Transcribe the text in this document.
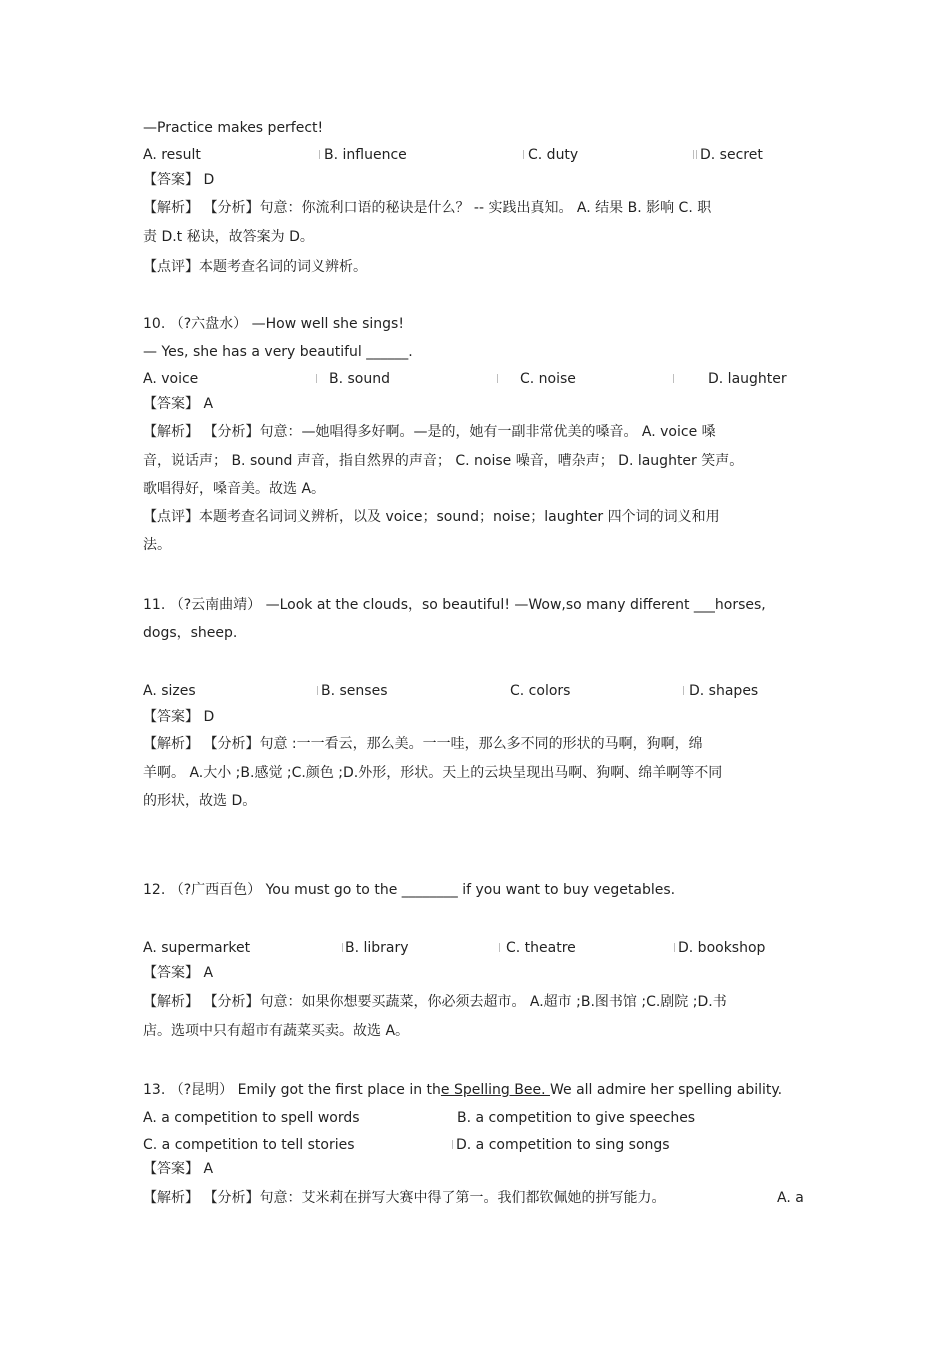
—Practice makes perfect!
A. result	| B. influence	| C. duty	|| D. secret
【答案】 D
【解析】 【分析】句意：你流利口语的秘诀是什么？ -- 实践出真知。 A. 结果 B. 影响 C. 职
责 D.t 秘诀，故答案为 D。
【点评】本题考查名词的词义辨析。
10. （?六盘水） —How well she sings!
— Yes, she has a very beautiful ______.
A. voice	| B. sound	| C. noise	| D. laughter
【答案】 A
【解析】 【分析】句意：—她唱得多好啊。—是的，她有一副非常优美的嗓音。 A. voice 嗓
音，说话声； B. sound 声音，指自然界的声音； C. noise 噪音，嘈杂声； D. laughter 笑声。
歌唱得好，嗓音美。故选 A。
【点评】本题考查名词词义辨析，以及 voice；sound；noise；laughter 四个词的词义和用
法。
11. （?云南曲靖） —Look at the clouds，so beautiful! —Wow,so many different ___horses,
dogs，sheep.
A. sizes	| B. senses	C. colors	| D. shapes
【答案】 D
【解析】 【分析】句意 :一一看云，那么美。一一哇，那么多不同的形状的马啊，狗啊，绵
羊啊。 A.大小 ;B.感觉 ;C.颜色 ;D.外形，形状。天上的云块呈现出马啊、狗啊、绵羊啊等不同
的形状，故选 D。
12. （?广西百色） You must go to the ________ if you want to buy vegetables.
A. supermarket	| B. library	| C. theatre	| D. bookshop
【答案】 A
【解析】 【分析】句意：如果你想要买蔬菜，你必须去超市。 A.超市 ;B.图书馆 ;C.剧院 ;D.书
店。选项中只有超市有蔬菜买卖。故选 A。
13. （?昆明） Emily got the first place in the Spelling Bee. We all admire her spelling ability.
A. a competition to spell words	B. a competition to give speeches
C. a competition to tell stories	| D. a competition to sing songs
【答案】 A
【解析】 【分析】句意：艾米莉在拼写大赛中得了第一。我们都钦佩她的拼写能力。	A. a
